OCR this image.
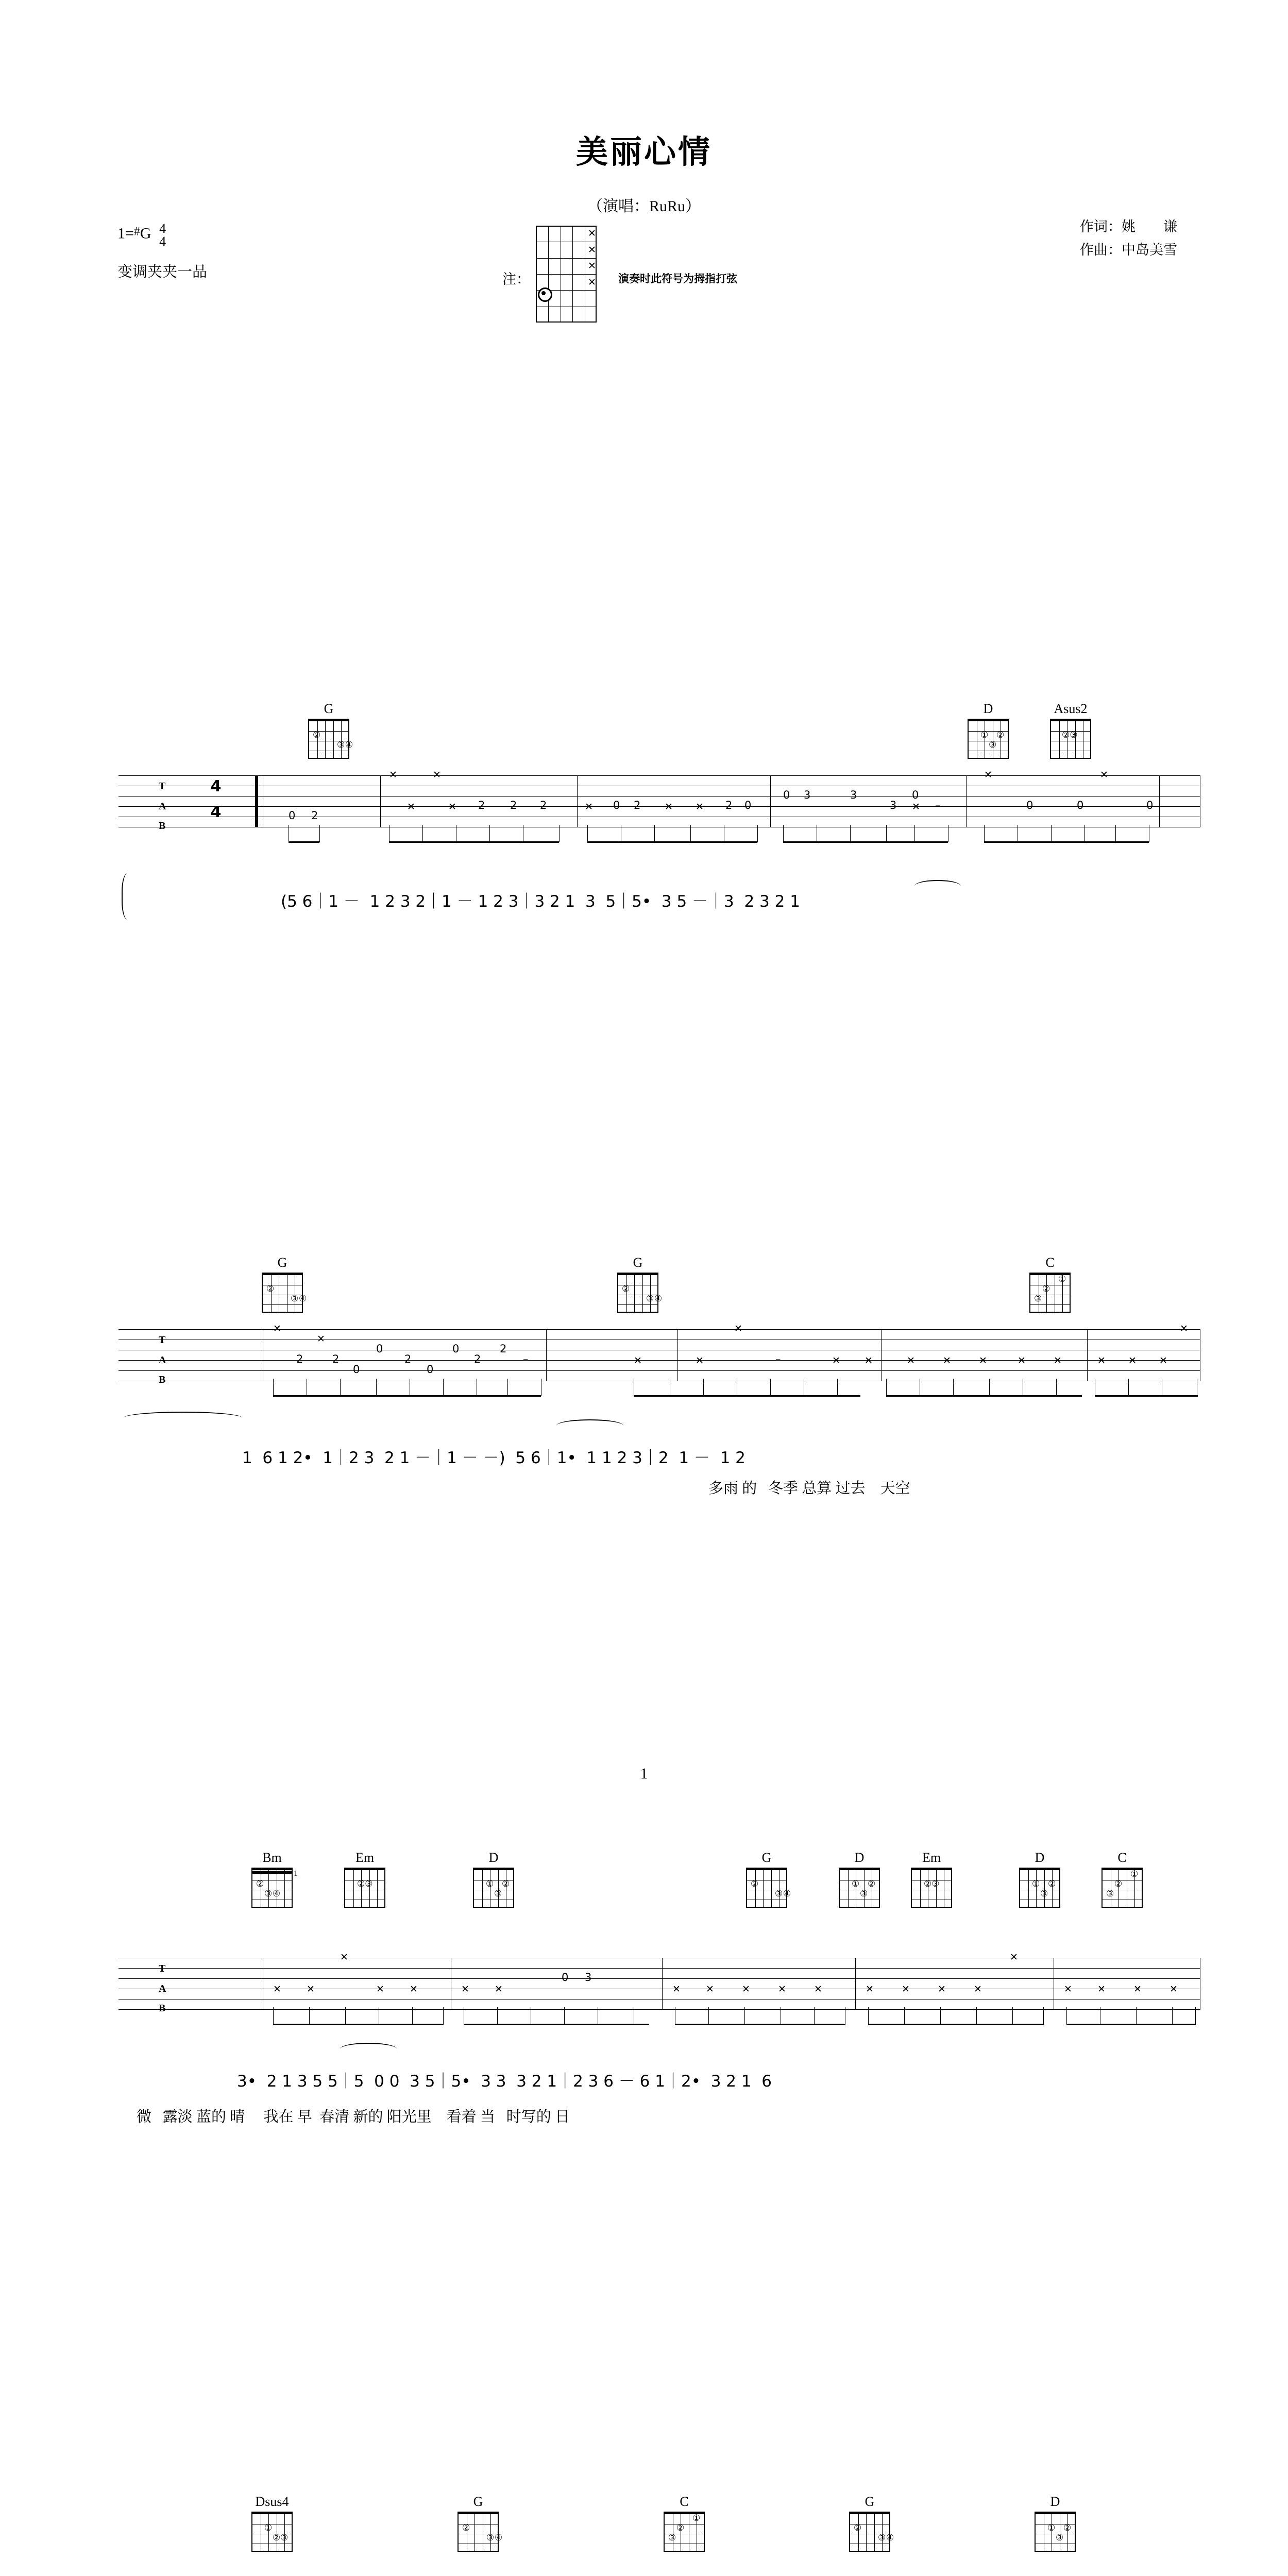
美丽心情
（演唱：RuRu）
1=#G 4
4
变调夹夹一品
作词：姚　　谦
作曲：中岛美雪
注：	演奏时此符号为拇指打弦
✕
✕
✕
✕
G
②
③ ④
D
① ②
③
Asus2
②③
T
A
B
4
4	0 2
✕
✕
✕
✕ 2 2 2	✕ 0 2 ✕ ✕ 2 0
0 3	3
3
0
✕
✕
0	0
✕
0
–
(5 6｜1 －  1 2 3 2｜1 － 1 2 3｜3 2 1  3  5｜5•  3 5 －｜3  2 3 2 1
G
②
③ ④
G
②
③ ④
C
①
②
③
T
A
B
✕
2
✕
2
0
0
2
0
0
2
2
–	✕
✕
✕	–	✕ ✕	✕	✕	✕	✕	✕	✕ ✕ ✕
✕
1  6 1 2•  1｜2 3  2 1 －｜1 － －)  5 6｜1•  1 1 2 3｜2  1 －  1 2
多雨 的   冬季 总算 过去    天空
Bm
1
③ ④
②
Em
②③
D
① ②
③
G
②
③ ④
D
① ②
③
Em
②③
D
① ②
③
C
①
②
③
T
A
B
✕	✕
✕
✕	✕	✕	✕
0 3
✕	✕	✕	✕	✕	✕	✕	✕	✕
✕
✕	✕	✕	✕
3•  2 1 3 5 5｜5  0 0  3 5｜5•  3 3  3 2 1｜2 3 6 － 6 1｜2•  3 2 1  6
微   露淡 蓝的 晴     我在 早  春清 新的 阳光里    看着 当   时写的 日
Dsus4
①
② ③
G
②
③ ④
C
①
②
③
G
②
③ ④
D
① ②
③
1
